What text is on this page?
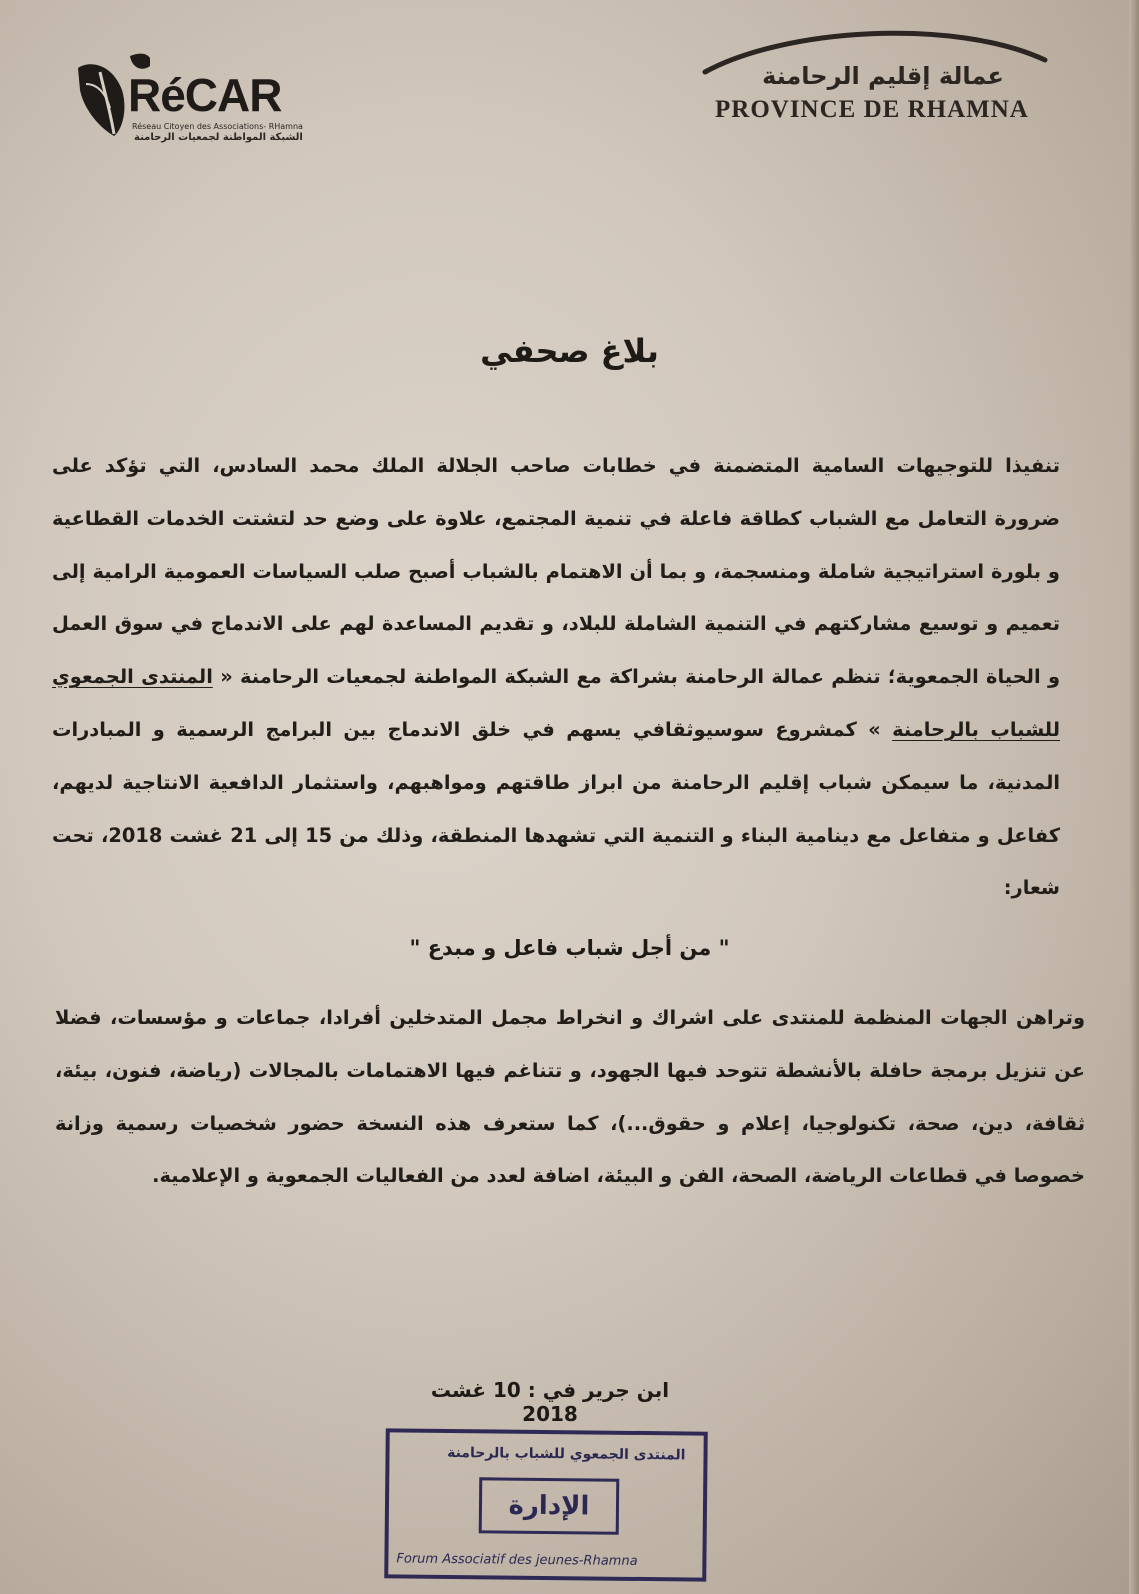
RéCAR
Réseau Citoyen des Associations- RHamna
الشبكة المواطنة لجمعيات الرحامنة
عمالة إقليم الرحامنة
PROVINCE DE RHAMNA
بلاغ صحفي
تنفيذا للتوجيهات السامية المتضمنة في خطابات صاحب الجلالة الملك محمد السادس، التي تؤكد على ضرورة التعامل مع الشباب كطاقة فاعلة في تنمية المجتمع، علاوة على وضع حد لتشتت الخدمات القطاعية و بلورة استراتيجية شاملة ومنسجمة، و بما أن الاهتمام بالشباب أصبح صلب السياسات العمومية الرامية إلى تعميم و توسيع مشاركتهم في التنمية الشاملة للبلاد، و تقديم المساعدة لهم على الاندماج في سوق العمل و الحياة الجمعوية؛ تنظم عمالة الرحامنة بشراكة مع الشبكة المواطنة لجمعيات الرحامنة « المنتدى الجمعوي للشباب بالرحامنة » كمشروع سوسيوثقافي يسهم في خلق الاندماج بين البرامج الرسمية و المبادرات المدنية، ما سيمكن شباب إقليم الرحامنة من ابراز طاقتهم ومواهبهم، واستثمار الدافعية الانتاجية لديهم، كفاعل و متفاعل مع دينامية البناء و التنمية التي تشهدها المنطقة، وذلك من 15 إلى 21 غشت 2018، تحت شعار:
" من أجل شباب فاعل و مبدع "
وتراهن الجهات المنظمة للمنتدى على اشراك و انخراط مجمل المتدخلين أفرادا، جماعات و مؤسسات، فضلا عن تنزيل برمجة حافلة بالأنشطة تتوحد فيها الجهود، و تتناغم فيها الاهتمامات بالمجالات (رياضة، فنون، بيئة، ثقافة، دين، صحة، تكنولوجيا، إعلام و حقوق...)، كما ستعرف هذه النسخة حضور شخصيات رسمية وزانة خصوصا في قطاعات الرياضة، الصحة، الفن و البيئة، اضافة لعدد من الفعاليات الجمعوية و الإعلامية.
ابن جرير في : 10 غشت 2018
المنتدى الجمعوي للشباب بالرحامنة
الإدارة
Forum Associatif des jeunes-Rhamna
